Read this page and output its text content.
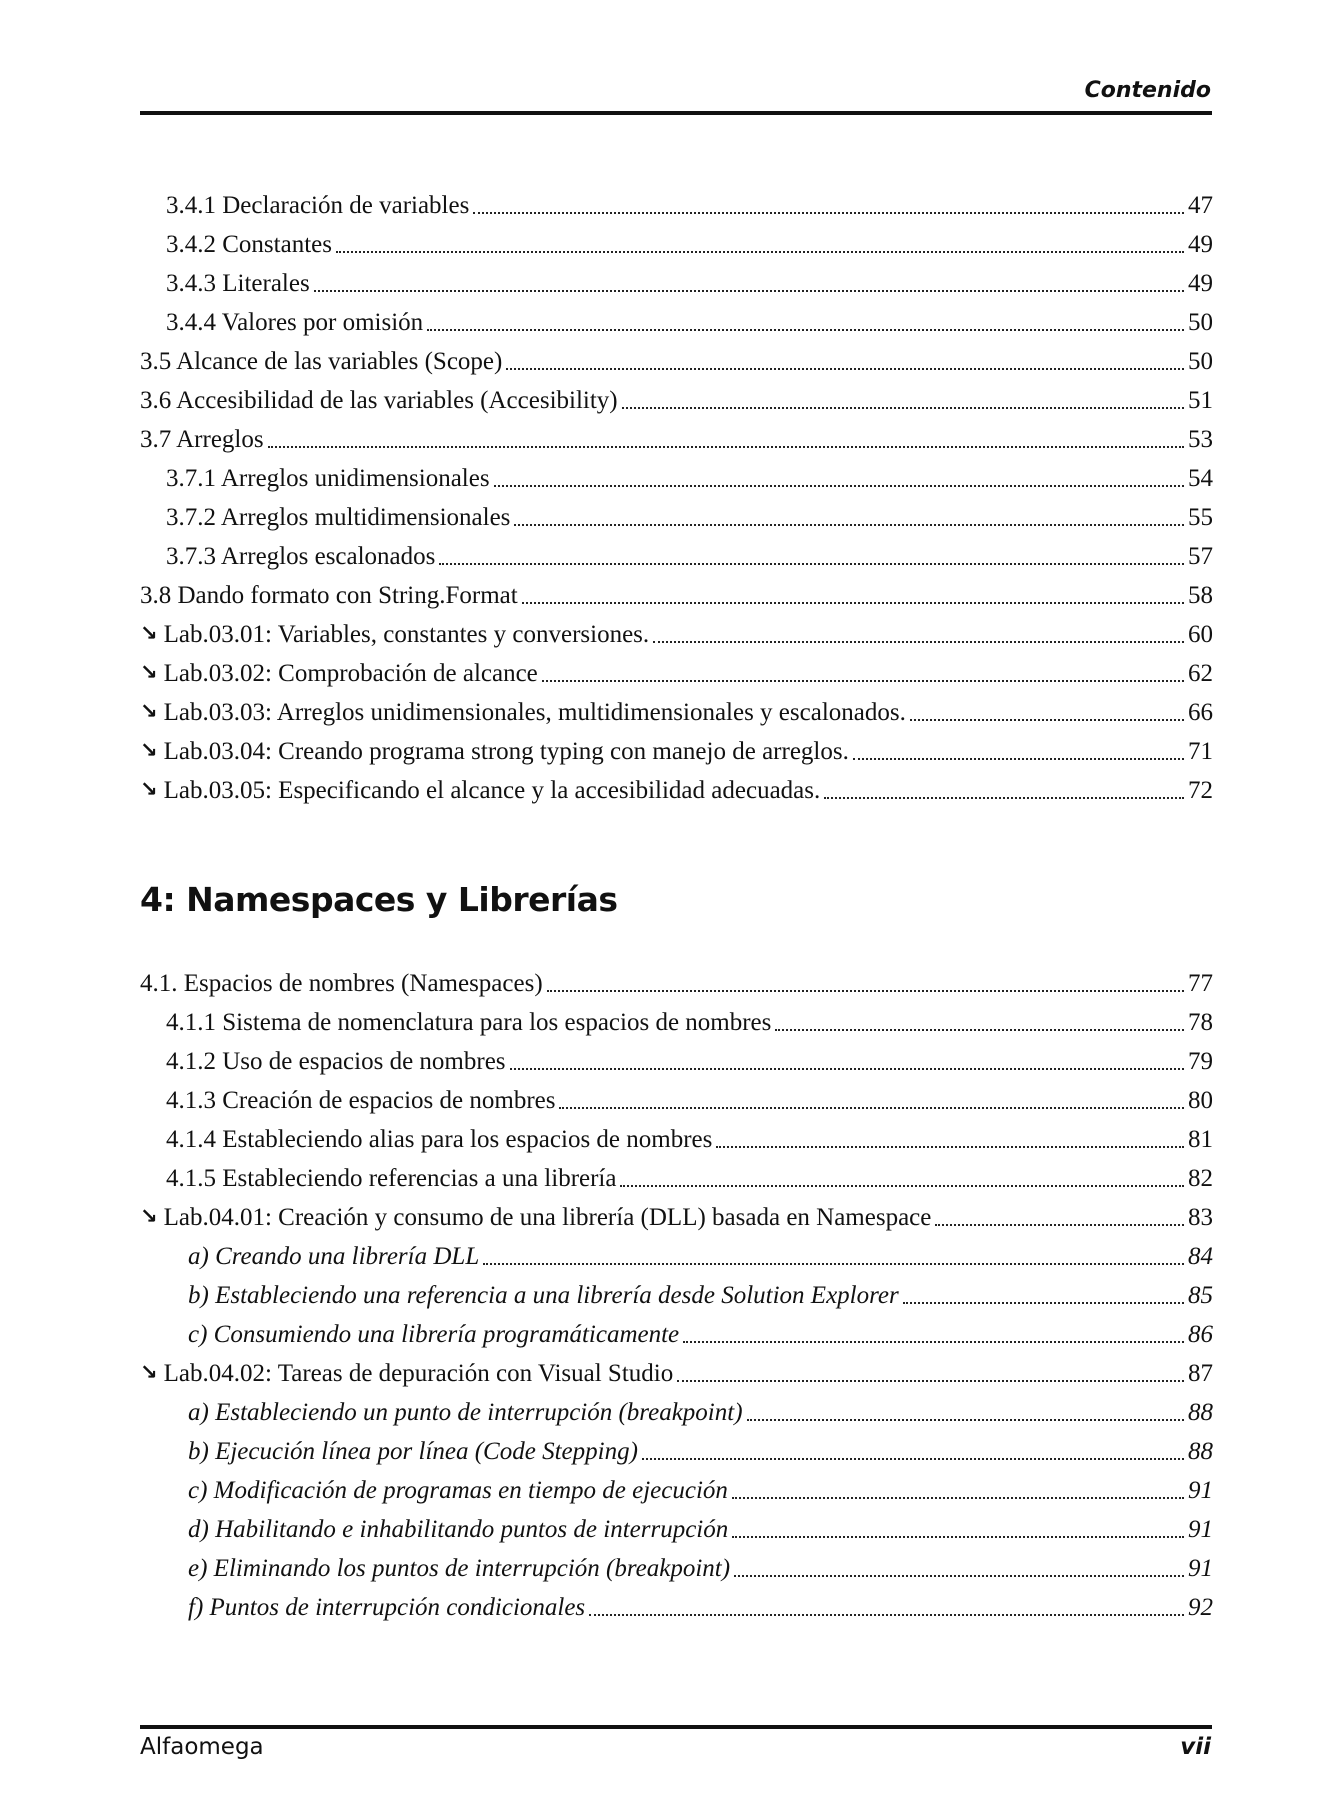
Contenido
3.4.1 Declaración de variables	47
3.4.2 Constantes	49
3.4.3 Literales	49
3.4.4 Valores por omisión	50
3.5 Alcance de las variables (Scope)	50
3.6 Accesibilidad de las variables (Accesibility)	51
3.7 Arreglos	53
3.7.1 Arreglos unidimensionales	54
3.7.2 Arreglos multidimensionales	55
3.7.3 Arreglos escalonados	57
3.8 Dando formato con String.Format	58
↘ Lab.03.01: Variables, constantes y conversiones.	60
↘ Lab.03.02: Comprobación de alcance	62
↘ Lab.03.03: Arreglos unidimensionales, multidimensionales y escalonados.	66
↘ Lab.03.04: Creando programa strong typing con manejo de arreglos.	71
↘ Lab.03.05: Especificando el alcance y la accesibilidad adecuadas.	72
4: Namespaces y Librerías
4.1. Espacios de nombres (Namespaces)	77
4.1.1 Sistema de nomenclatura para los espacios de nombres	78
4.1.2 Uso de espacios de nombres	79
4.1.3 Creación de espacios de nombres	80
4.1.4 Estableciendo alias para los espacios de nombres	81
4.1.5 Estableciendo referencias a una librería	82
↘ Lab.04.01: Creación y consumo de una librería (DLL) basada en Namespace	83
a) Creando una librería DLL	84
b) Estableciendo una referencia a una librería desde Solution Explorer	85
c) Consumiendo una librería programáticamente	86
↘ Lab.04.02: Tareas de depuración con Visual Studio	87
a) Estableciendo un punto de interrupción (breakpoint)	88
b) Ejecución línea por línea (Code Stepping)	88
c) Modificación de programas en tiempo de ejecución	91
d) Habilitando e inhabilitando puntos de interrupción	91
e) Eliminando los puntos de interrupción (breakpoint)	91
f) Puntos de interrupción condicionales	92
Alfaomega	vii
